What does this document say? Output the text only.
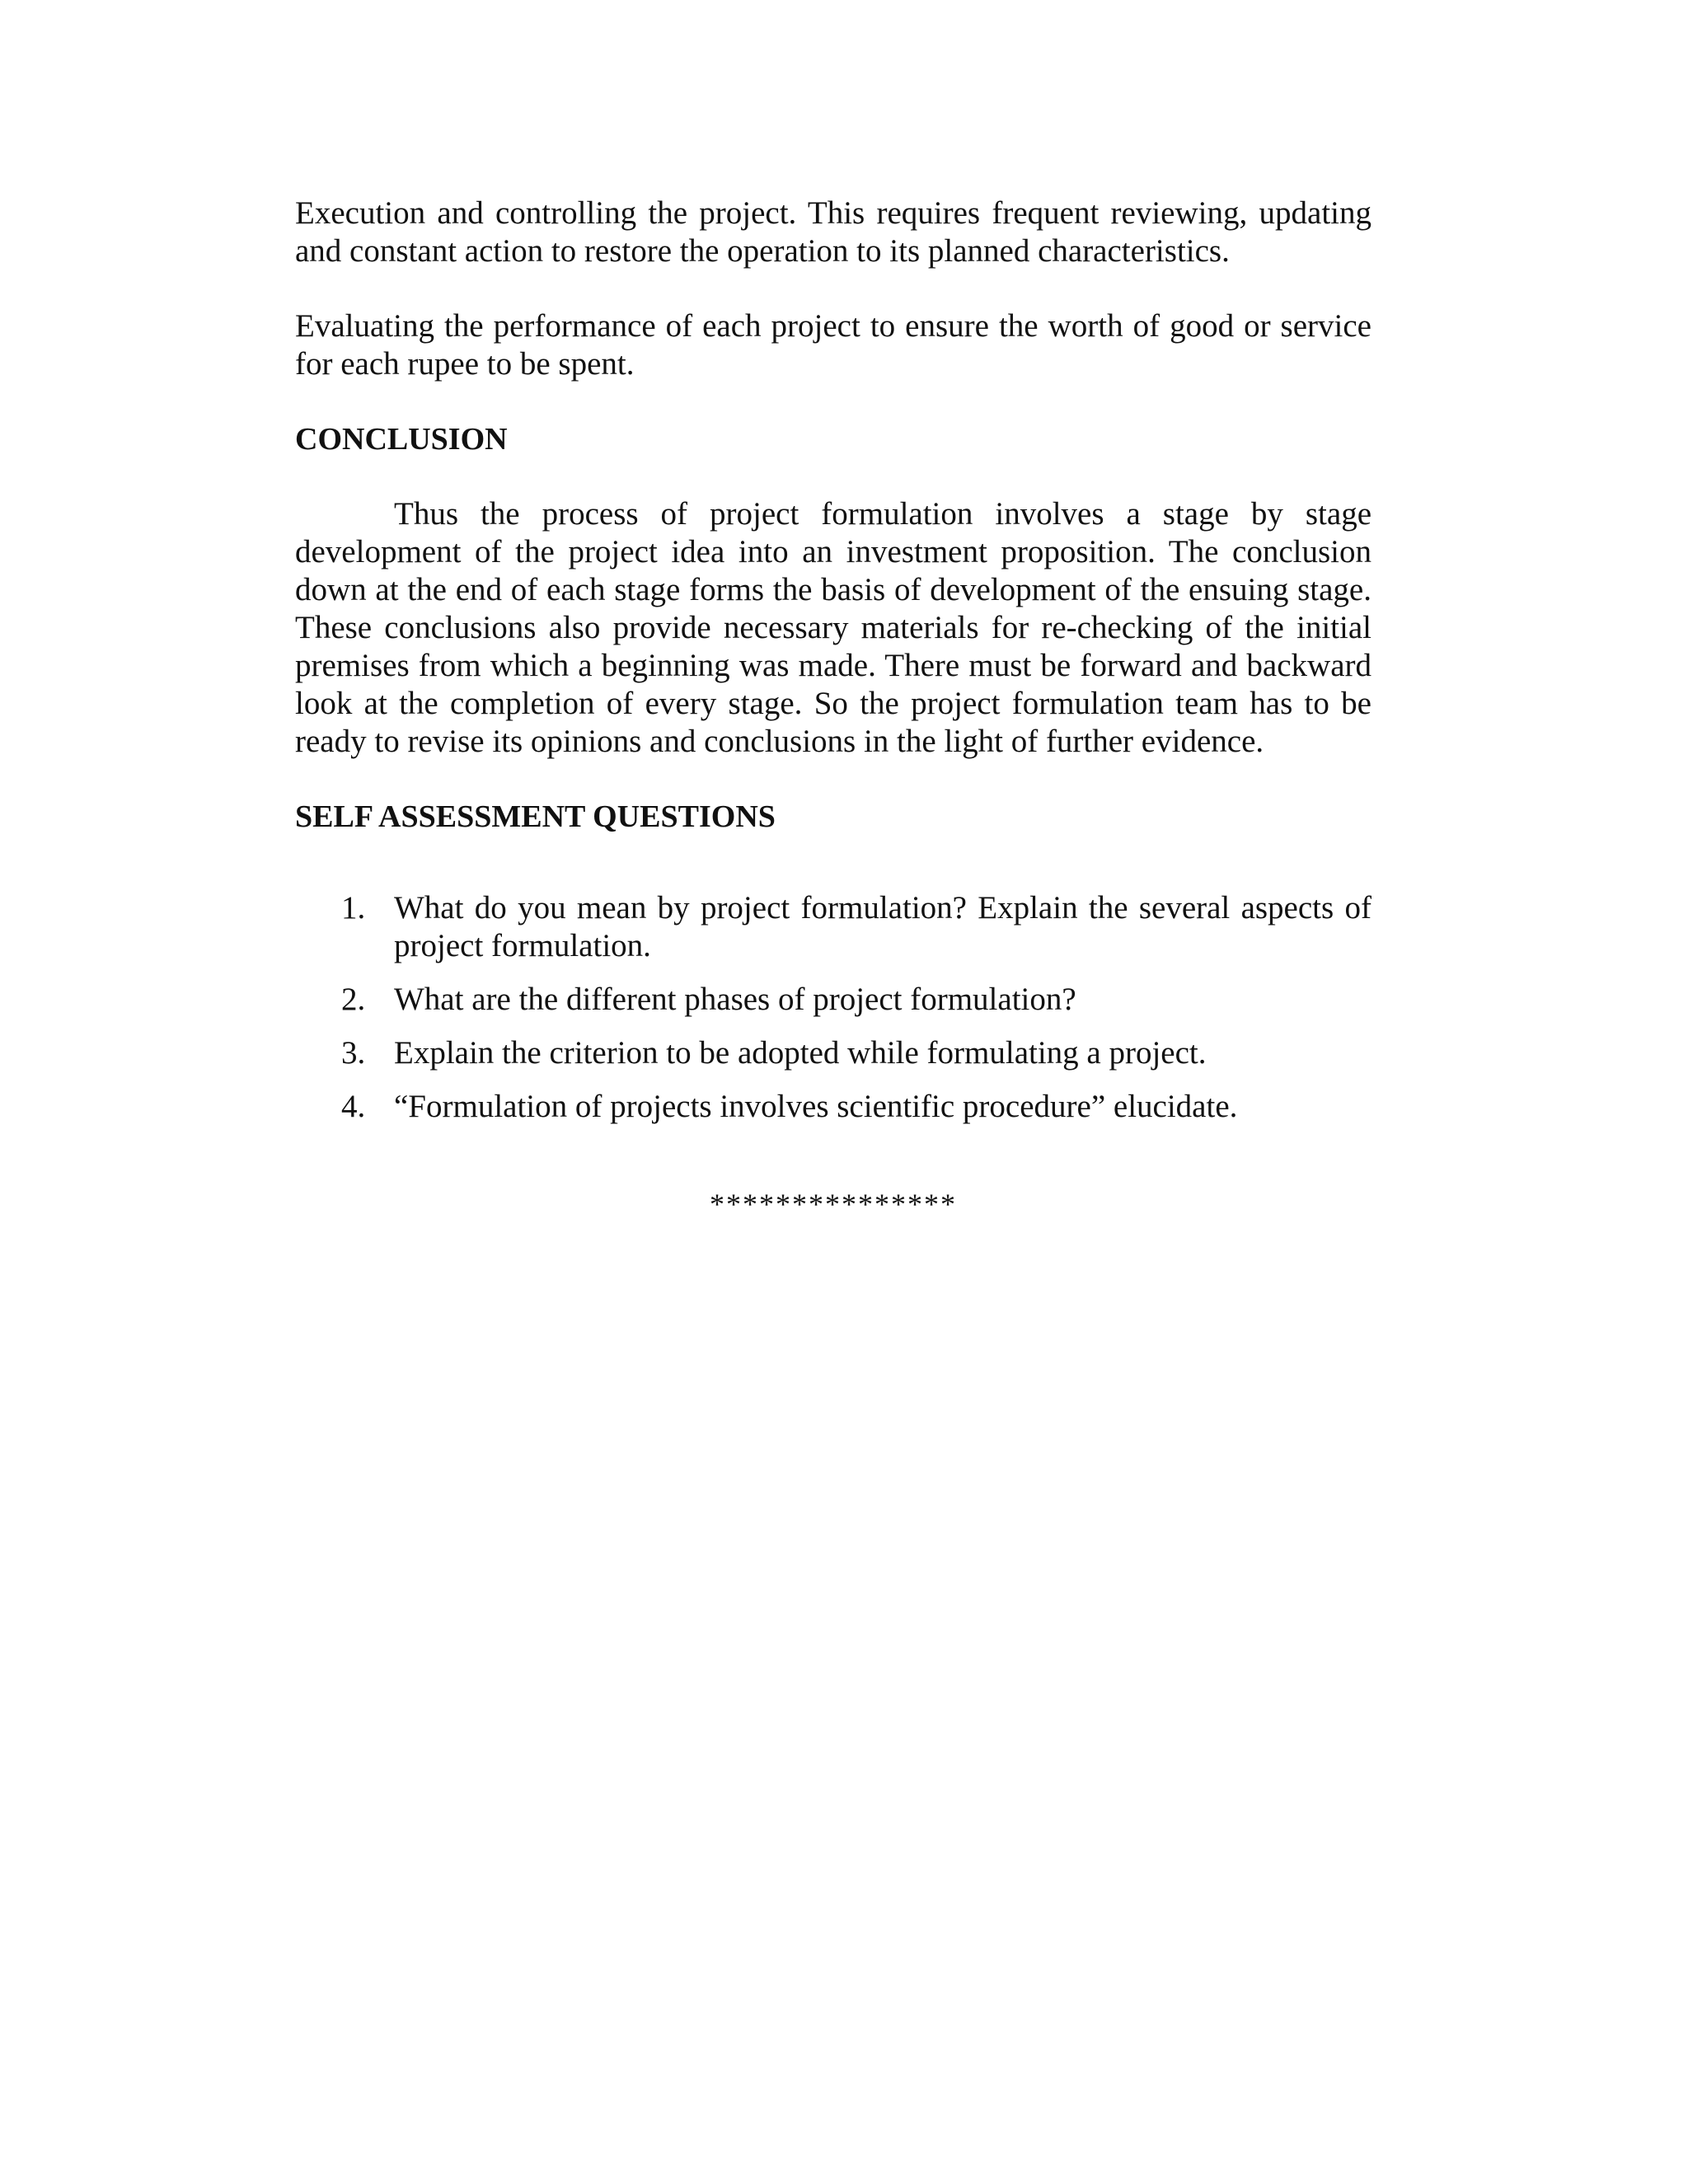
Execution and controlling the project. This requires frequent reviewing, updating and constant action to restore the operation to its planned characteristics.

Evaluating the performance of each project to ensure the worth of good or service for each rupee to be spent.

CONCLUSION

Thus the process of project formulation involves a stage by stage development of the project idea into an investment proposition. The conclusion down at the end of each stage forms the basis of development of the ensuing stage. These conclusions also provide necessary materials for re-checking of the initial premises from which a beginning was made. There must be forward and backward look at the completion of every stage. So the project formulation team has to be ready to revise its opinions and conclusions in the light of further evidence.

SELF ASSESSMENT QUESTIONS
1. What do you mean by project formulation? Explain the several aspects of project formulation.
2. What are the different phases of project formulation?
3. Explain the criterion to be adopted while formulating a project.
4. “Formulation of projects involves scientific procedure” elucidate.
***************
